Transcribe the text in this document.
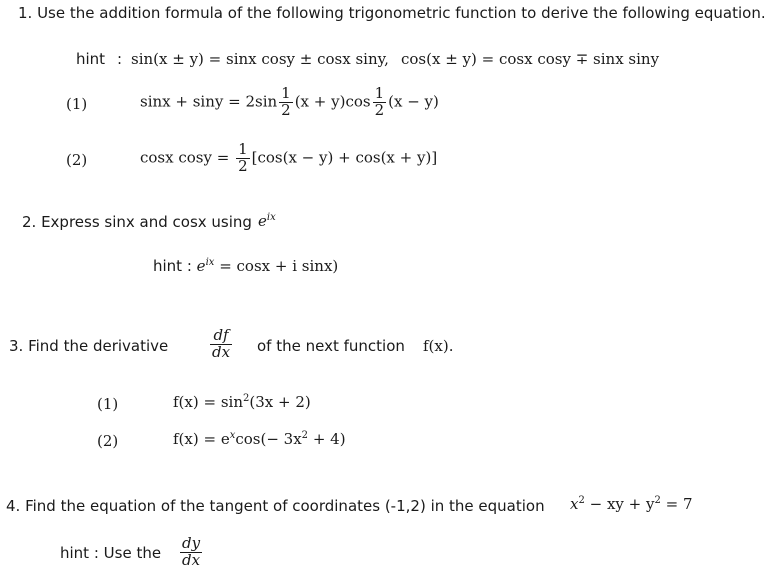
1. Use the addition formula of the following trigonometric function to derive the following equation.
hint : sin(x ± y) = sinx cosy ± cosx siny, cos(x ± y) = cosx cosy ∓ sinx siny
(1)	$\sin x + \sin y = 2\sin \frac{1}{2} (x + y)\cos \frac{1}{2} (x - y)$
(2)	cosx $\cos y = \frac{1}{2} [\cos(x - y) + \cos(x + y)]$
2. Express sinx and cosx using $e^{ix}$
hint : $e^{ix} = \cos x + i$ sinx)
3. Find the derivative	$\frac{df}{dx}$ of the next function f(x).
(1)	$f(x) = \sin^2(3x + 2)$
(2)	$f(x) = e^x\cos(- 3x^2 + 4)$
4. Find the equation of the tangent of coordinates (-1,2) in the equation $x^2$ − xy + $y^2 = 7$
hint : Use the $\frac{dy}{dx}$
